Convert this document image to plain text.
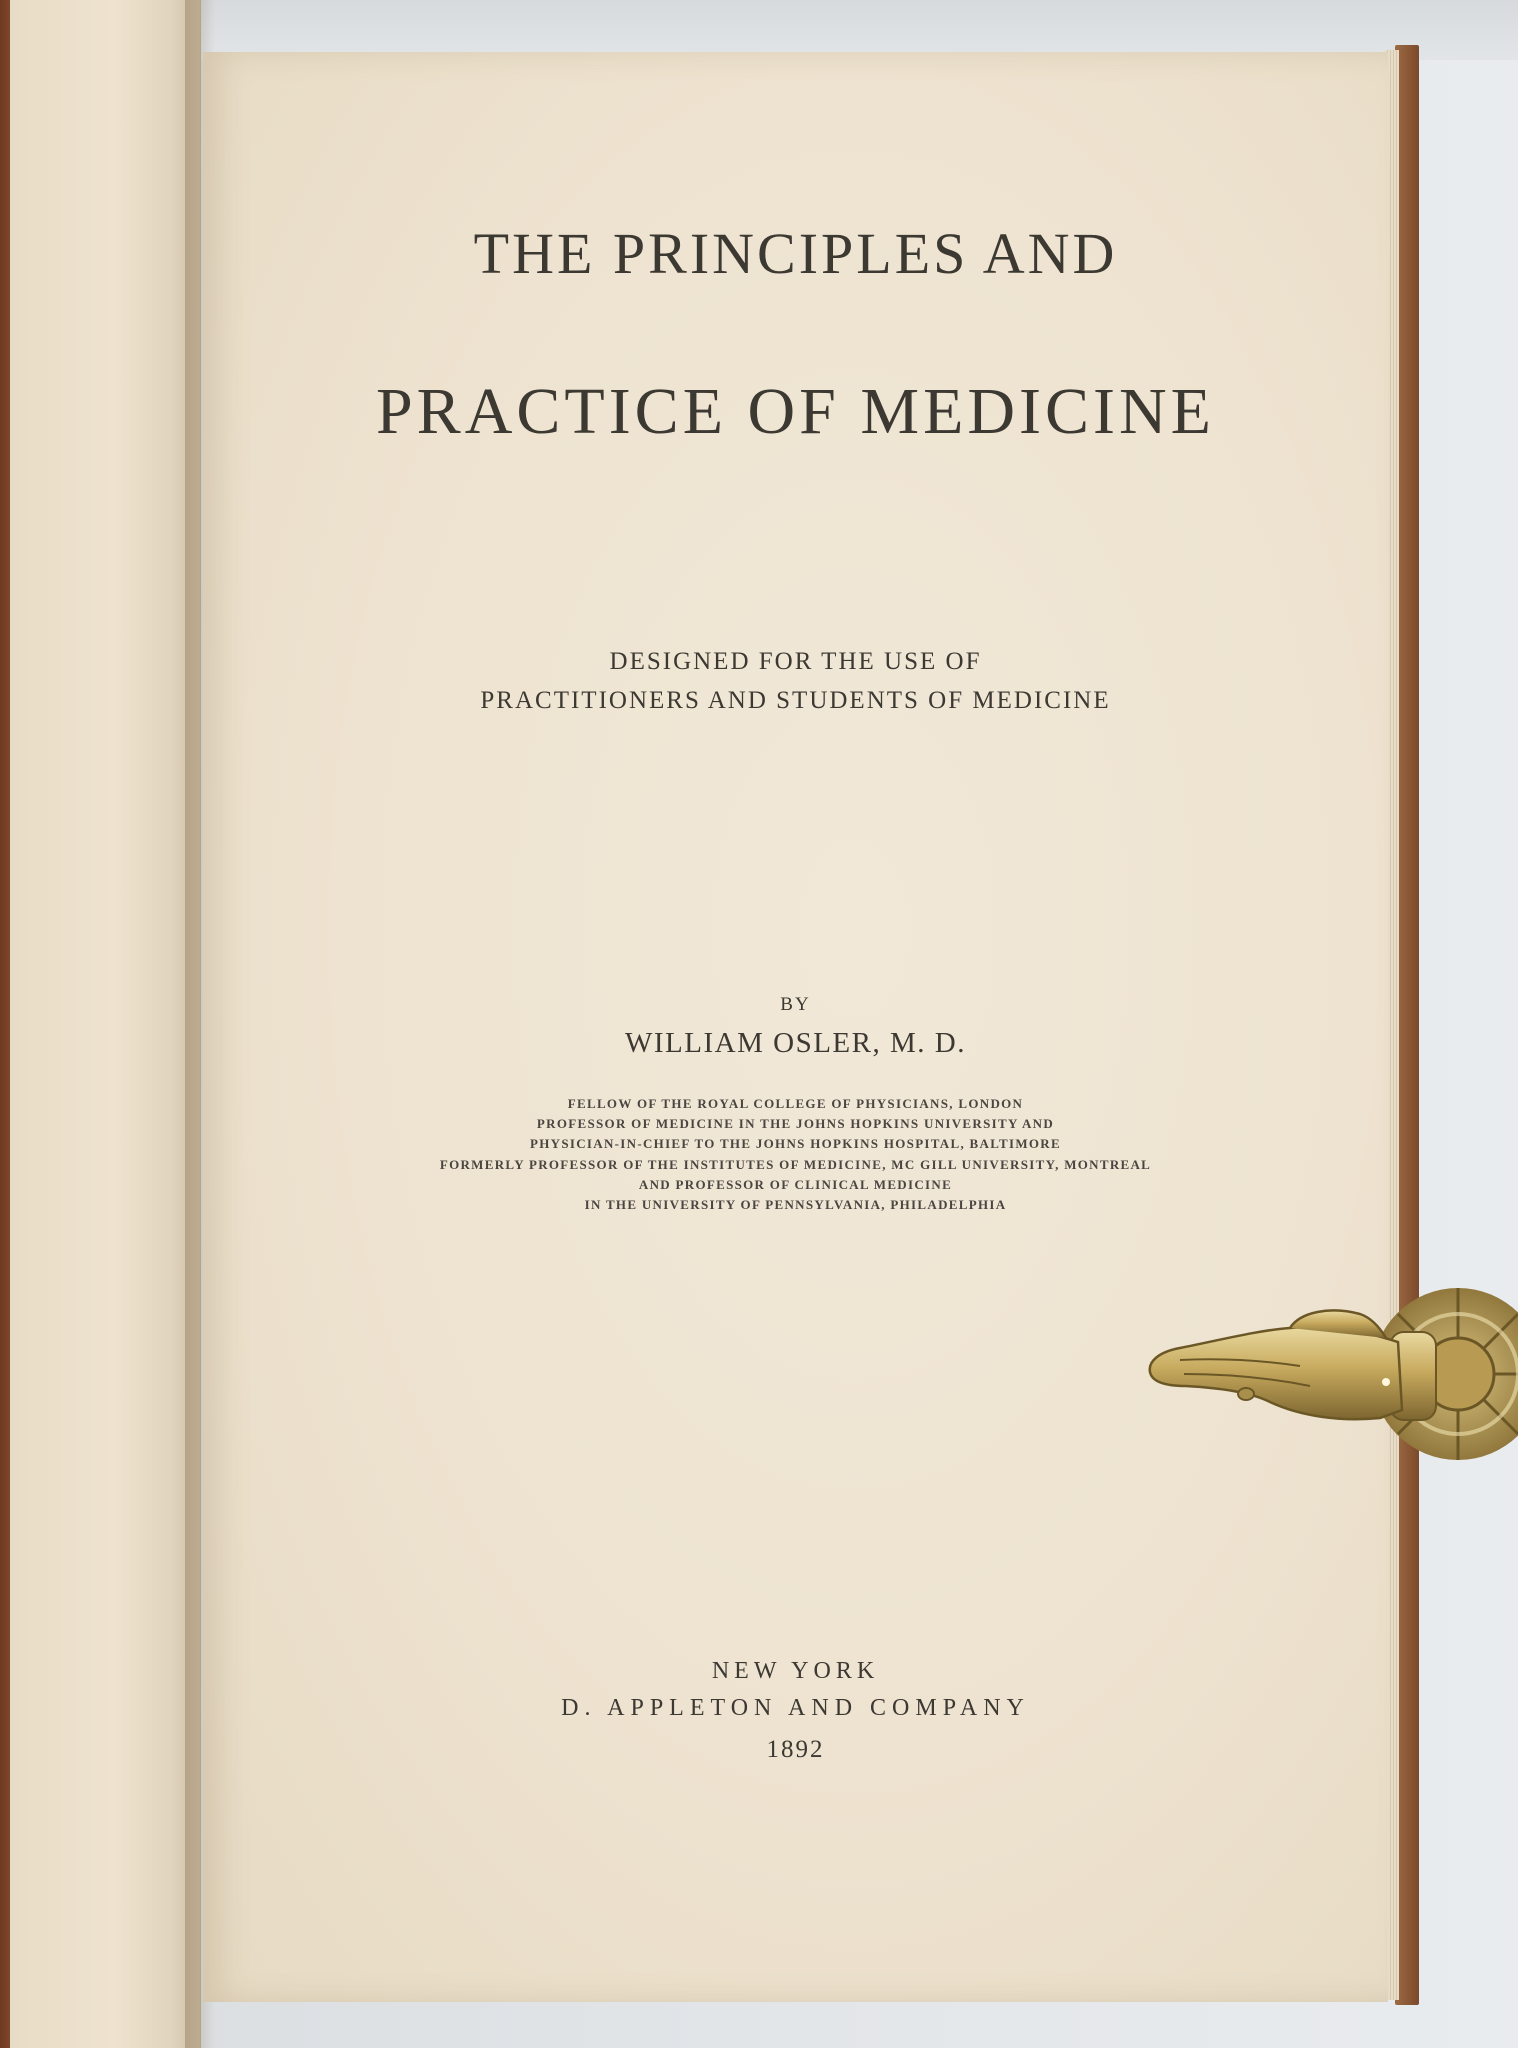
THE PRINCIPLES AND
PRACTICE OF MEDICINE
DESIGNED FOR THE USE OF
PRACTITIONERS AND STUDENTS OF MEDICINE
BY
WILLIAM OSLER, M. D.
FELLOW OF THE ROYAL COLLEGE OF PHYSICIANS, LONDON
PROFESSOR OF MEDICINE IN THE JOHNS HOPKINS UNIVERSITY AND
PHYSICIAN-IN-CHIEF TO THE JOHNS HOPKINS HOSPITAL, BALTIMORE
FORMERLY PROFESSOR OF THE INSTITUTES OF MEDICINE, MC GILL UNIVERSITY, MONTREAL
AND PROFESSOR OF CLINICAL MEDICINE
IN THE UNIVERSITY OF PENNSYLVANIA, PHILADELPHIA
NEW YORK
D. APPLETON AND COMPANY
1892
